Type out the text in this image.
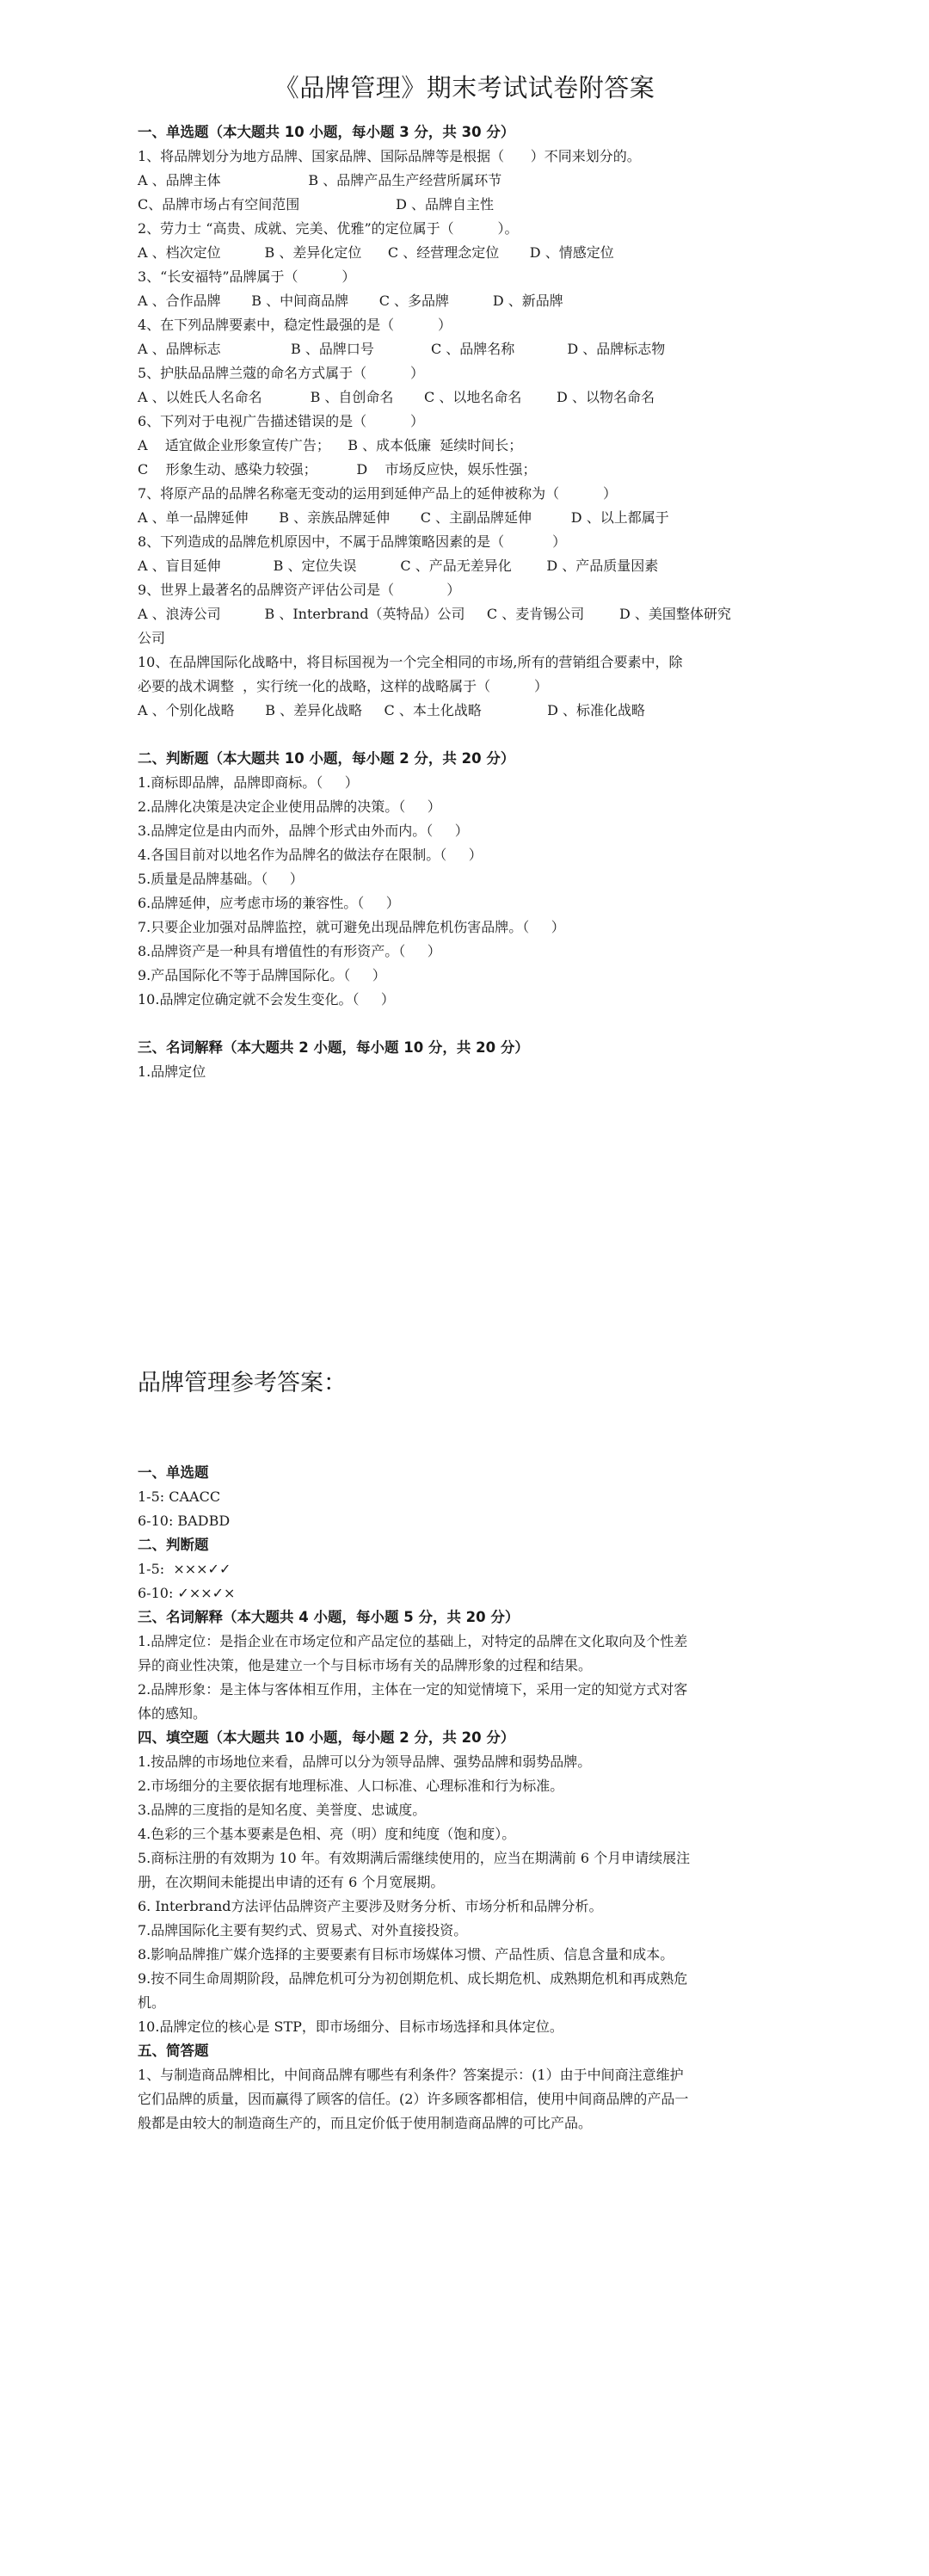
《品牌管理》期末考试试卷附答案

一、单选题（本大题共 10 小题，每小题 3 分，共 30 分）

1、将品牌划分为地方品牌、国家品牌、国际品牌等是根据（      ）不同来划分的。

A 、品牌主体                    B 、品牌产品生产经营所属环节

C、品牌市场占有空间范围                      D 、品牌自主性

2、劳力士 “高贵、成就、完美、优雅”的定位属于（          ）。

A 、档次定位          B 、差异化定位      C 、经营理念定位       D 、情感定位

3、“长安福特”品牌属于（          ）

A 、合作品牌       B 、中间商品牌       C 、多品牌          D 、新品牌

4、在下列品牌要素中，稳定性最强的是（          ）

A 、品牌标志                B 、品牌口号             C 、品牌名称            D 、品牌标志物

5、护肤品品牌兰蔻的命名方式属于（          ）

A 、以姓氏人名命名           B 、自创命名       C 、以地名命名        D 、以物名命名

6、下列对于电视广告描述错误的是（          ）

A    适宜做企业形象宣传广告；    B 、成本低廉  延续时间长；

C    形象生动、感染力较强；         D    市场反应快，娱乐性强；

7、将原产品的品牌名称毫无变动的运用到延伸产品上的延伸被称为（          ）

A 、单一品牌延伸       B 、亲族品牌延伸       C 、主副品牌延伸         D 、以上都属于

8、下列造成的品牌危机原因中，不属于品牌策略因素的是（           ）

A 、盲目延伸            B 、定位失误          C 、产品无差异化        D 、产品质量因素

9、世界上最著名的品牌资产评估公司是（            ）

A 、浪涛公司          B 、Interbrand（英特品）公司     C 、麦肯锡公司        D 、美国整体研究

公司

10、在品牌国际化战略中，将目标国视为一个完全相同的市场,所有的营销组合要素中，除

必要的战术调整  ，实行统一化的战略，这样的战略属于（          ）

A 、个别化战略       B 、差异化战略     C 、本土化战略               D 、标准化战略

二、判断题（本大题共 10 小题，每小题 2 分，共 20 分）

1.商标即品牌，品牌即商标。（     ）

2.品牌化决策是决定企业使用品牌的决策。（     ）

3.品牌定位是由内而外，品牌个形式由外而内。（     ）

4.各国目前对以地名作为品牌名的做法存在限制。（     ）

5.质量是品牌基础。（     ）

6.品牌延伸，应考虑市场的兼容性。（     ）

7.只要企业加强对品牌监控，就可避免出现品牌危机伤害品牌。（     ）

8.品牌资产是一种具有增值性的有形资产。（     ）

9.产品国际化不等于品牌国际化。（     ）

10.品牌定位确定就不会发生变化。（     ）

三、名词解释（本大题共 2 小题，每小题 10 分，共 20 分）

1.品牌定位

品牌管理参考答案：

一、单选题

1-5: CAACC

6-10: BADBD

二、判断题

1-5:  ×××✓✓

6-10: ✓××✓×

三、名词解释（本大题共 4 小题，每小题 5 分，共 20 分）

1.品牌定位：是指企业在市场定位和产品定位的基础上，对特定的品牌在文化取向及个性差

异的商业性决策，他是建立一个与目标市场有关的品牌形象的过程和结果。

2.品牌形象：是主体与客体相互作用，主体在一定的知觉情境下，采用一定的知觉方式对客

体的感知。

四、填空题（本大题共 10 小题，每小题 2 分，共 20 分）

1.按品牌的市场地位来看，品牌可以分为领导品牌、强势品牌和弱势品牌。

2.市场细分的主要依据有地理标准、人口标准、心理标准和行为标准。

3.品牌的三度指的是知名度、美誉度、忠诚度。

4.色彩的三个基本要素是色相、亮（明）度和纯度（饱和度）。

5.商标注册的有效期为 10 年。有效期满后需继续使用的，应当在期满前 6 个月申请续展注

册，在次期间未能提出申请的还有 6 个月宽展期。

6. Interbrand方法评估品牌资产主要涉及财务分析、市场分析和品牌分析。

7.品牌国际化主要有契约式、贸易式、对外直接投资。

8.影响品牌推广媒介选择的主要要素有目标市场媒体习惯、产品性质、信息含量和成本。

9.按不同生命周期阶段，品牌危机可分为初创期危机、成长期危机、成熟期危机和再成熟危

机。

10.品牌定位的核心是 STP，即市场细分、目标市场选择和具体定位。

五、简答题

1、与制造商品牌相比，中间商品牌有哪些有利条件？答案提示：(1）由于中间商注意维护

它们品牌的质量，因而赢得了顾客的信任。(2）许多顾客都相信，使用中间商品牌的产品一

般都是由较大的制造商生产的，而且定价低于使用制造商品牌的可比产品。
